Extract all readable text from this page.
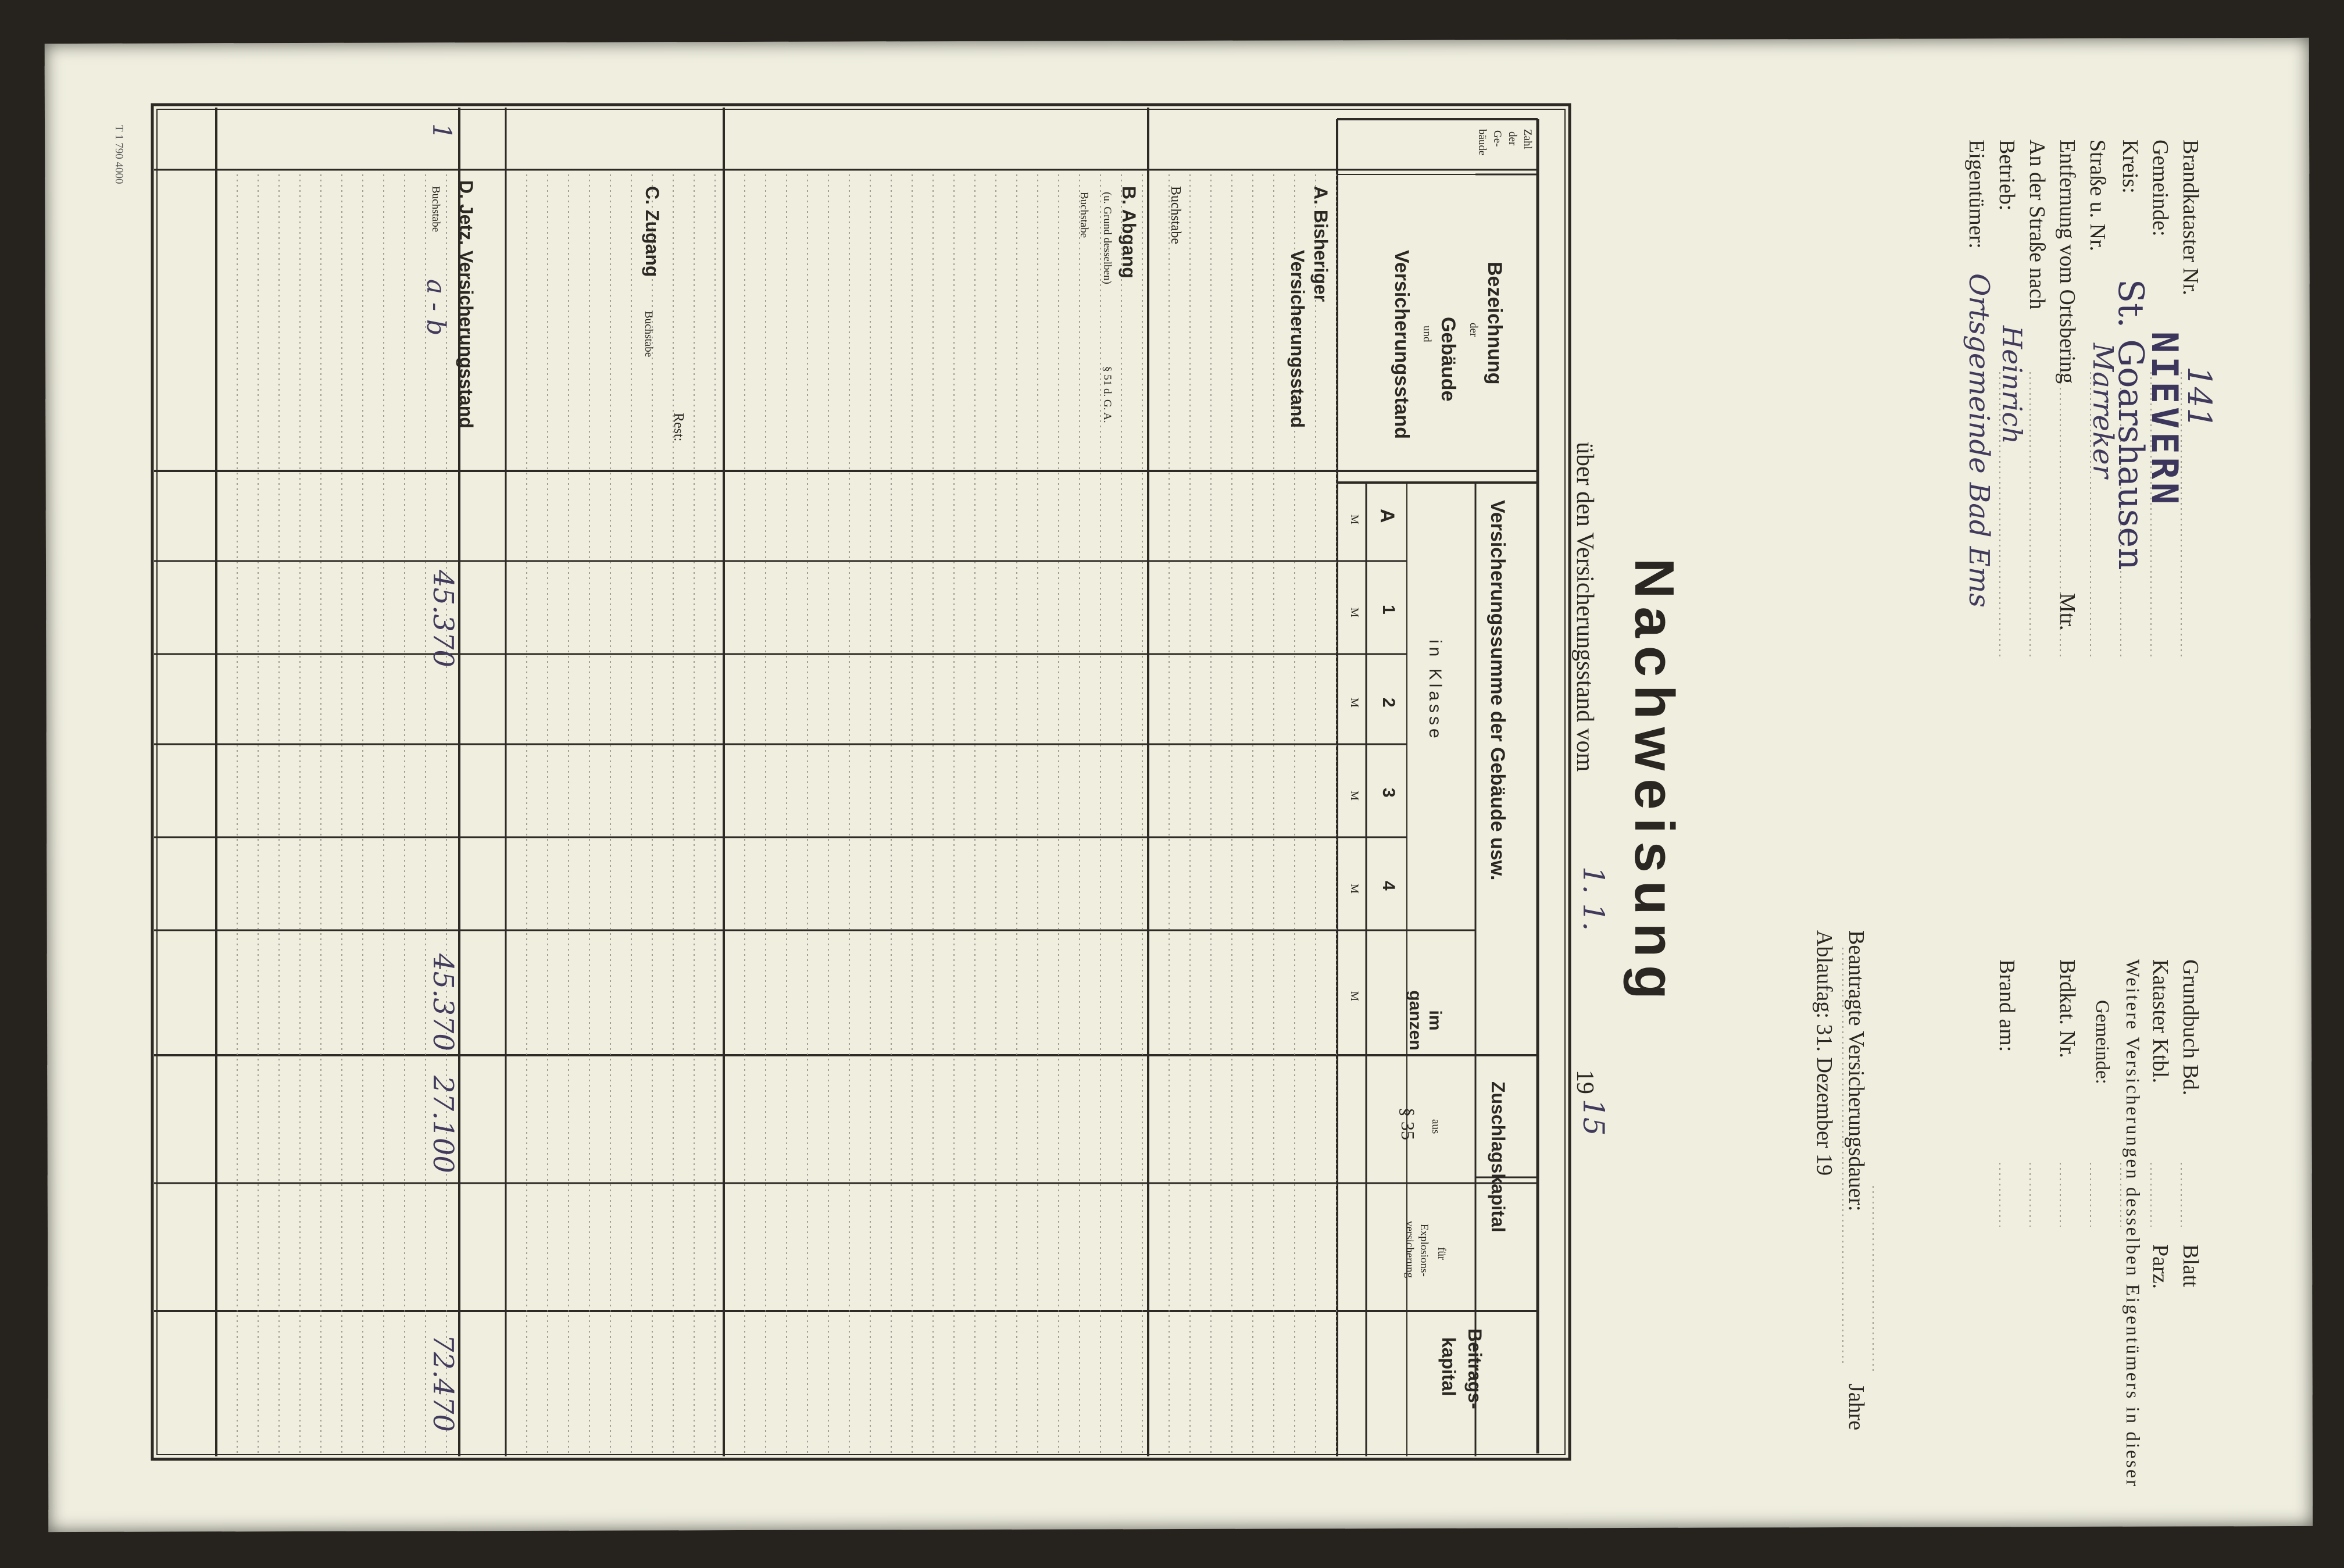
T 1 790 4000	Brandkataster Nr.
141
Gemeinde:
NIEVERN
Kreis:
St. Goarshausen
Straße u. Nr.
Marreker
Entfernung vom Ortsbering
Mtr.
An der Straße nach
Betrieb:
Heinrich
Eigentümer:
Ortsgemeinde Bad Ems
Grundbuch Bd.
Blatt
Kataster Ktbl.
Parz.
Weitere Versicherungen desselben Eigentümers in dieser
Gemeinde:
Brdkat. Nr.
Brand am:
Beantragte Versicherungsdauer:
Jahre
Ablaufag: 31. Dezember 19
Nachweisung
über den Versicherungsstand vom
1. 1.
19
15
Zahl
der
Ge-
bäude
Bezeichnung
der
Gebäude
und
Versicherungsstand
A. Bisheriger
Versicherungsstand
Buchstabe
B. Abgang
(u. Grund desselben)
§ 51 d. G. A.
Buchstabe
C. Zugang
Buchstabe
Rest:
D. Jetz. Versicherungsstand
Buchstabe
1
a - b
Versicherungssumme der Gebäude usw.
in Klasse
A
1
2
3
4
M
M
M
M
M
M
im ganzen
Zuschlagskapital
aus
§ 35
für
Explosions-
versicherung
Beitrags-
kapital
45.370
45.370
27.100
72.470
